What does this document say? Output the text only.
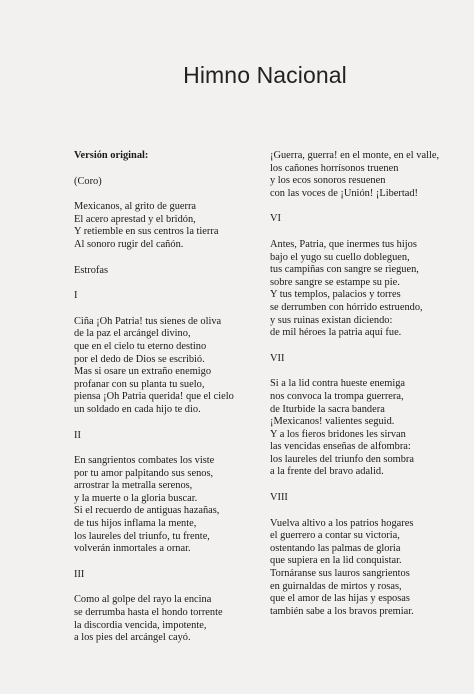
Himno Nacional
Versión original:
(Coro)
Mexicanos, al grito de guerra
El acero aprestad y el bridón,
Y retiemble en sus centros la tierra
Al sonoro rugir del cañón.
Estrofas
I
Ciña ¡Oh Patria! tus sienes de oliva
de la paz el arcángel divino,
que en el cielo tu eterno destino
por el dedo de Dios se escribió.
Mas si osare un extraño enemigo
profanar con su planta tu suelo,
piensa ¡Oh Patria querida! que el cielo
un soldado en cada hijo te dio.
II
En sangrientos combates los viste
por tu amor palpitando sus senos,
arrostrar la metralla serenos,
y la muerte o la gloria buscar.
Si el recuerdo de antiguas hazañas,
de tus hijos inflama la mente,
los laureles del triunfo, tu frente,
volverán inmortales a ornar.
III
Como al golpe del rayo la encina
se derrumba hasta el hondo torrente
la discordia vencida, impotente,
a los pies del arcángel cayó.
¡Guerra, guerra! en el monte, en el valle,
los cañones horrísonos truenen
y los ecos sonoros resuenen
con las voces de ¡Unión! ¡Libertad!
VI
Antes, Patria, que inermes tus hijos
bajo el yugo su cuello dobleguen,
tus campiñas con sangre se rieguen,
sobre sangre se estampe su pie.
Y tus templos, palacios y torres
se derrumben con hórrido estruendo,
y sus ruinas existan diciendo:
de mil héroes la patria aquí fue.
VII
Si a la lid contra hueste enemiga
nos convoca la trompa guerrera,
de Iturbide la sacra bandera
¡Mexicanos! valientes seguid.
Y a los fieros bridones les sirvan
las vencidas enseñas de alfombra:
los laureles del triunfo den sombra
a la frente del bravo adalid.
VIII
Vuelva altivo a los patrios hogares
el guerrero a contar su victoria,
ostentando las palmas de gloria
que supiera en la lid conquistar.
Tornáranse sus lauros sangrientos
en guirnaldas de mirtos y rosas,
que el amor de las hijas y esposas
también sabe a los bravos premiar.
